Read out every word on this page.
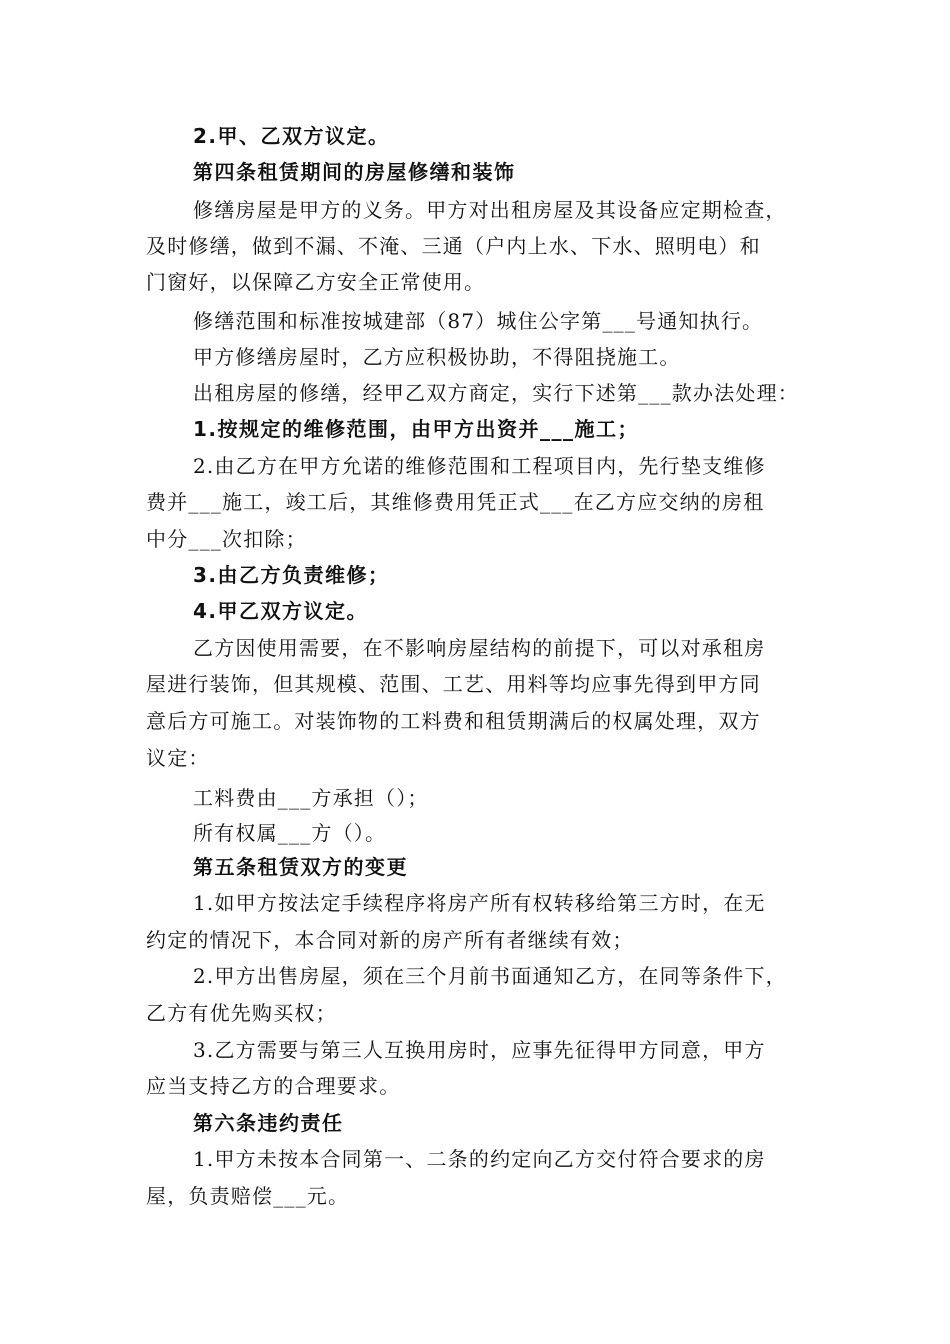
2.甲、乙双方议定。
第四条租赁期间的房屋修缮和装饰
修缮房屋是甲方的义务。甲方对出租房屋及其设备应定期检查，
及时修缮，做到不漏、不淹、三通（户内上水、下水、照明电）和
门窗好，以保障乙方安全正常使用。
修缮范围和标准按城建部（87）城住公字第___号通知执行。
甲方修缮房屋时，乙方应积极协助，不得阻挠施工。
出租房屋的修缮，经甲乙双方商定，实行下述第___款办法处理：
1.按规定的维修范围，由甲方出资并___施工；
2.由乙方在甲方允诺的维修范围和工程项目内，先行垫支维修
费并___施工，竣工后，其维修费用凭正式___在乙方应交纳的房租
中分___次扣除；
3.由乙方负责维修；
4.甲乙双方议定。
乙方因使用需要，在不影响房屋结构的前提下，可以对承租房
屋进行装饰，但其规模、范围、工艺、用料等均应事先得到甲方同
意后方可施工。对装饰物的工料费和租赁期满后的权属处理，双方
议定：
工料费由___方承担（）；
所有权属___方（）。
第五条租赁双方的变更
1.如甲方按法定手续程序将房产所有权转移给第三方时，在无
约定的情况下，本合同对新的房产所有者继续有效；
2.甲方出售房屋，须在三个月前书面通知乙方，在同等条件下，
乙方有优先购买权；
3.乙方需要与第三人互换用房时，应事先征得甲方同意，甲方
应当支持乙方的合理要求。
第六条违约责任
1.甲方未按本合同第一、二条的约定向乙方交付符合要求的房
屋，负责赔偿___元。
